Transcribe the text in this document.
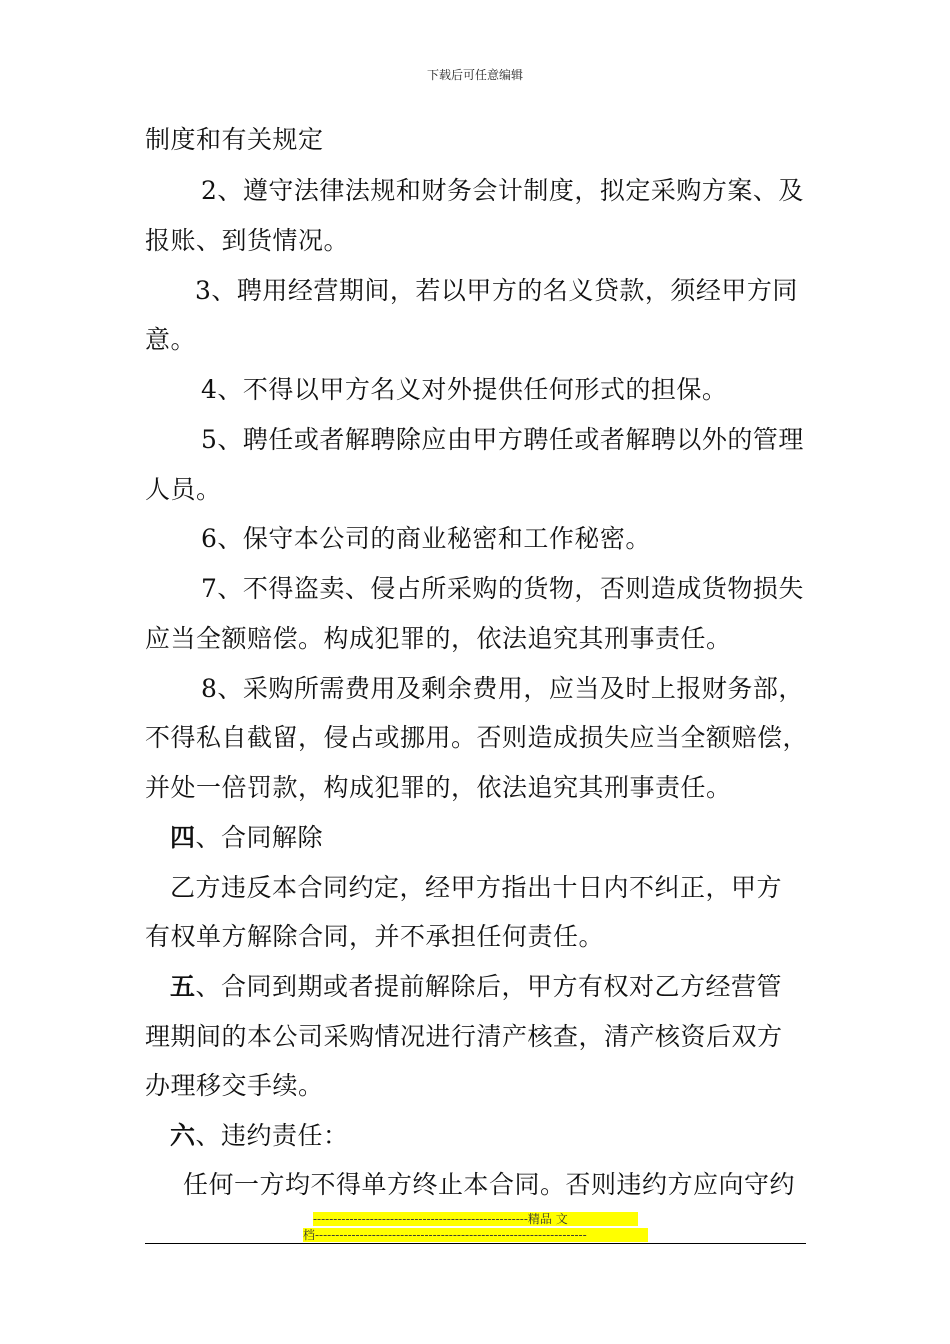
下载后可任意编辑
制度和有关规定
2、遵守法律法规和财务会计制度，拟定采购方案、及
报账、到货情况。
3、聘用经营期间，若以甲方的名义贷款，须经甲方同
意。
4、不得以甲方名义对外提供任何形式的担保。
5、聘任或者解聘除应由甲方聘任或者解聘以外的管理
人员。
6、保守本公司的商业秘密和工作秘密。
7、不得盗卖、侵占所采购的货物，否则造成货物损失
应当全额赔偿。构成犯罪的，依法追究其刑事责任。
8、采购所需费用及剩余费用，应当及时上报财务部，
不得私自截留，侵占或挪用。否则造成损失应当全额赔偿，
并处一倍罚款，构成犯罪的，依法追究其刑事责任。
四、合同解除
乙方违反本合同约定，经甲方指出十日内不纠正，甲方
有权单方解除合同，并不承担任何责任。
五、合同到期或者提前解除后，甲方有权对乙方经营管
理期间的本公司采购情况进行清产核查，清产核资后双方
办理移交手续。
六、违约责任：
任何一方均不得单方终止本合同。否则违约方应向守约
-----------------------------------------------------精品 文
档-------------------------------------------------------------------
